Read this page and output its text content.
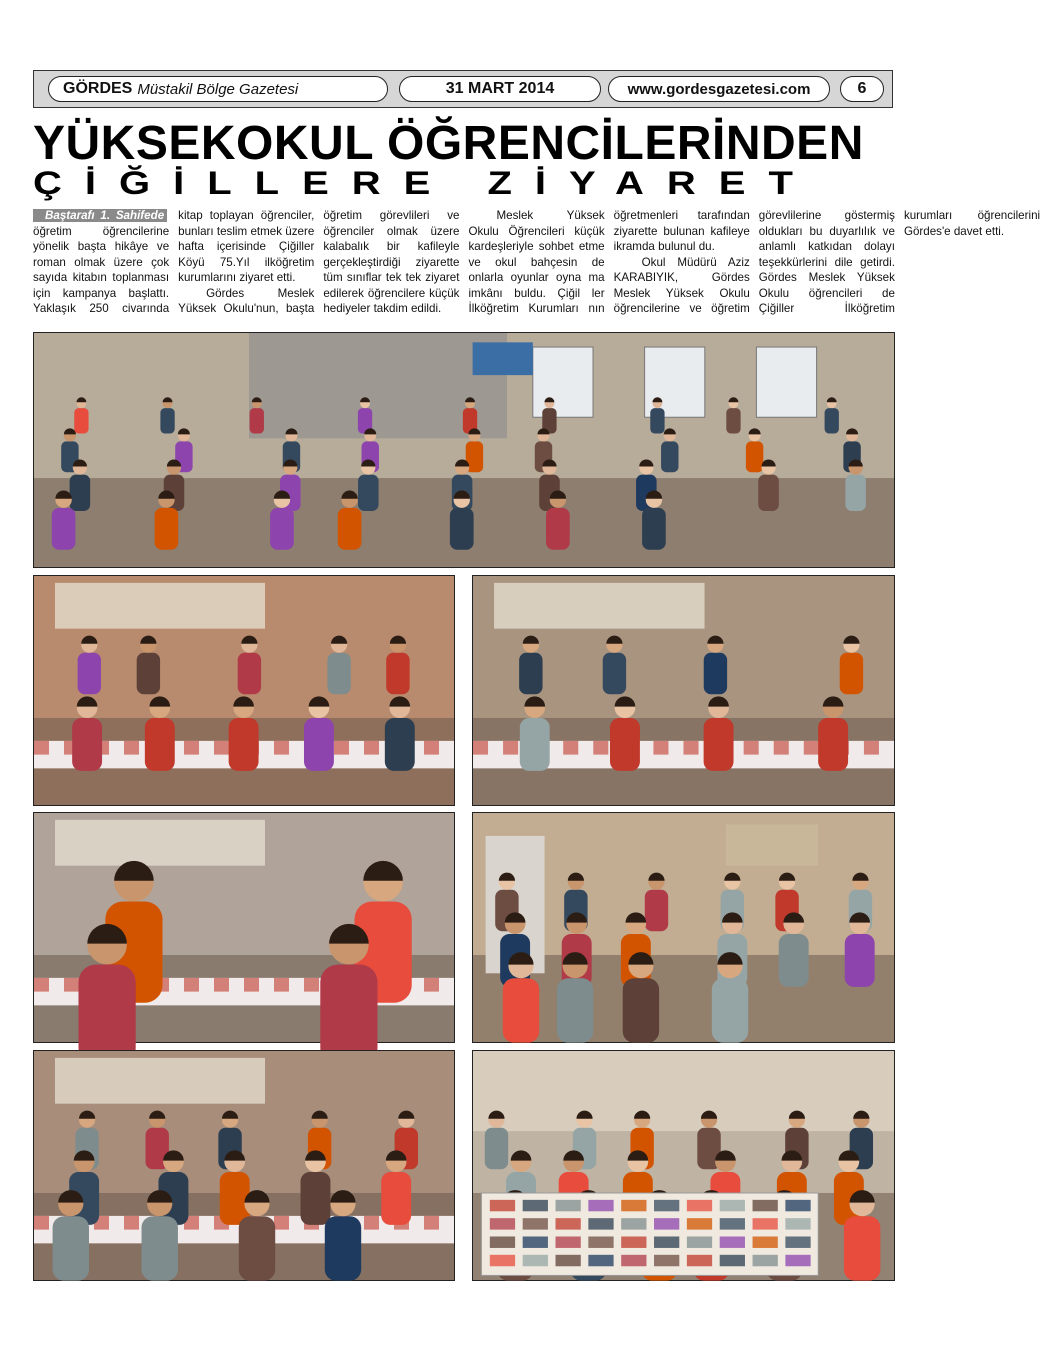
GÖRDES Müstakil Bölge Gazetesi	31 MART 2014	www.gordesgazetesi.com	6
YÜKSEKOKUL ÖĞRENCİLERİNDEN
ÇİĞİLLERE ZİYARET

Baştarafı 1. Sahifede öğretim öğrencilerine yönelik başta hikâye ve roman olmak üzere çok sayıda kitabın toplanması için kampanya başlattı. Yaklaşık 250 civarında kitap toplayan öğrenciler, bunları teslim etmek üzere hafta içerisinde Çiğiller Köyü 75.Yıl ilköğretim kurumlarını ziyaret etti.

Gördes Meslek Yüksek Okulu'nun, başta öğretim görevlileri ve öğrenciler olmak üzere kalabalık bir kafileyle gerçekleştirdiği ziyarette tüm sınıflar tek tek ziyaret edilerek öğrencilere küçük hediyeler takdim edildi.

Meslek Yüksek Okulu Öğrencileri küçük kardeşleriyle sohbet etme ve okul bahçesin de onlarla oyunlar oyna ma imkânı buldu. Çiğil ler İlköğretim Kurumları nın öğretmenleri tarafından ziyarette bulunan kafileye ikramda bulunul du.

Okul Müdürü Aziz KARABIYIK, Gördes Meslek Yüksek Okulu öğrencilerine ve öğretim görevlilerine göstermiş oldukları bu duyarlılık ve anlamlı katkıdan dolayı teşekkürlerini dile getirdi. Gördes Meslek Yüksek Okulu öğrencileri de Çiğiller İlköğretim kurumları öğrencilerini Gördes'e davet etti.
